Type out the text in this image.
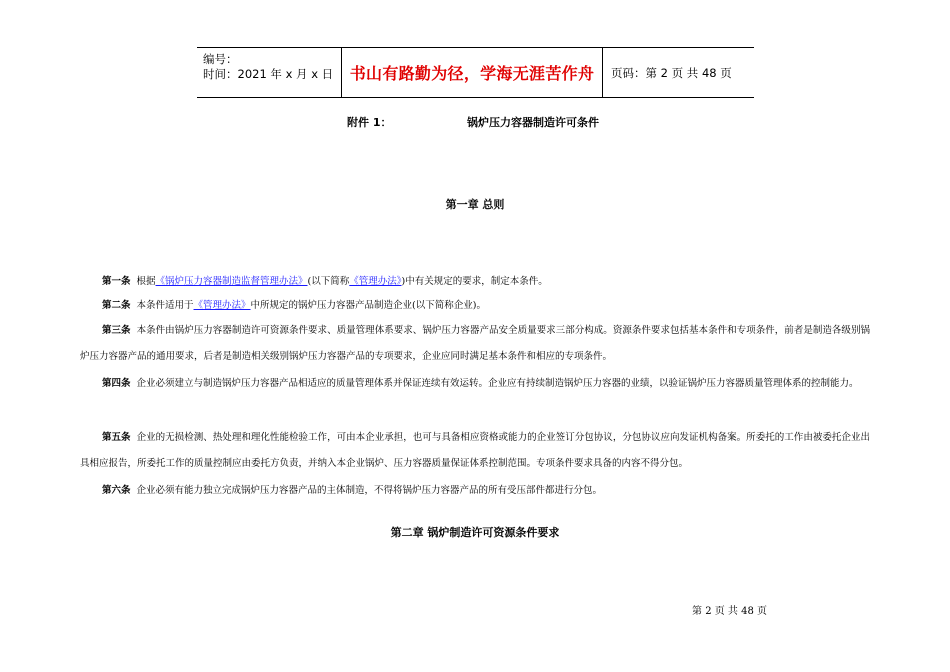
编号：
时间：2021 年 x 月 x 日	书山有路勤为径，学海无涯苦作舟 页码：第 2 页 共 48 页
附件 1：	锅炉压力容器制造许可条件
第一章 总则
第一条 根据《锅炉压力容器制造监督管理办法》(以下简称《管理办法》)中有关规定的要求，制定本条件。
第二条 本条件适用于《管理办法》中所规定的锅炉压力容器产品制造企业(以下简称企业)。
第三条 本条件由锅炉压力容器制造许可资源条件要求、质量管理体系要求、锅炉压力容器产品安全质量要求三部分构成。资源条件要求包括基本条件和专项条件，前者是制造各级别锅炉压力容器产品的通用要求，后者是制造相关级别锅炉压力容器产品的专项要求，企业应同时满足基本条件和相应的专项条件。
第四条 企业必须建立与制造锅炉压力容器产品相适应的质量管理体系并保证连续有效运转。企业应有持续制造锅炉压力容器的业绩，以验证锅炉压力容器质量管理体系的控制能力。
第五条 企业的无损检测、热处理和理化性能检验工作，可由本企业承担，也可与具备相应资格或能力的企业签订分包协议，分包协议应向发证机构备案。所委托的工作由被委托企业出具相应报告，所委托工作的质量控制应由委托方负责，并纳入本企业锅炉、压力容器质量保证体系控制范围。专项条件要求具备的内容不得分包。
第六条 企业必须有能力独立完成锅炉压力容器产品的主体制造，不得将锅炉压力容器产品的所有受压部件都进行分包。
第二章 锅炉制造许可资源条件要求
第 2 页 共 48 页
